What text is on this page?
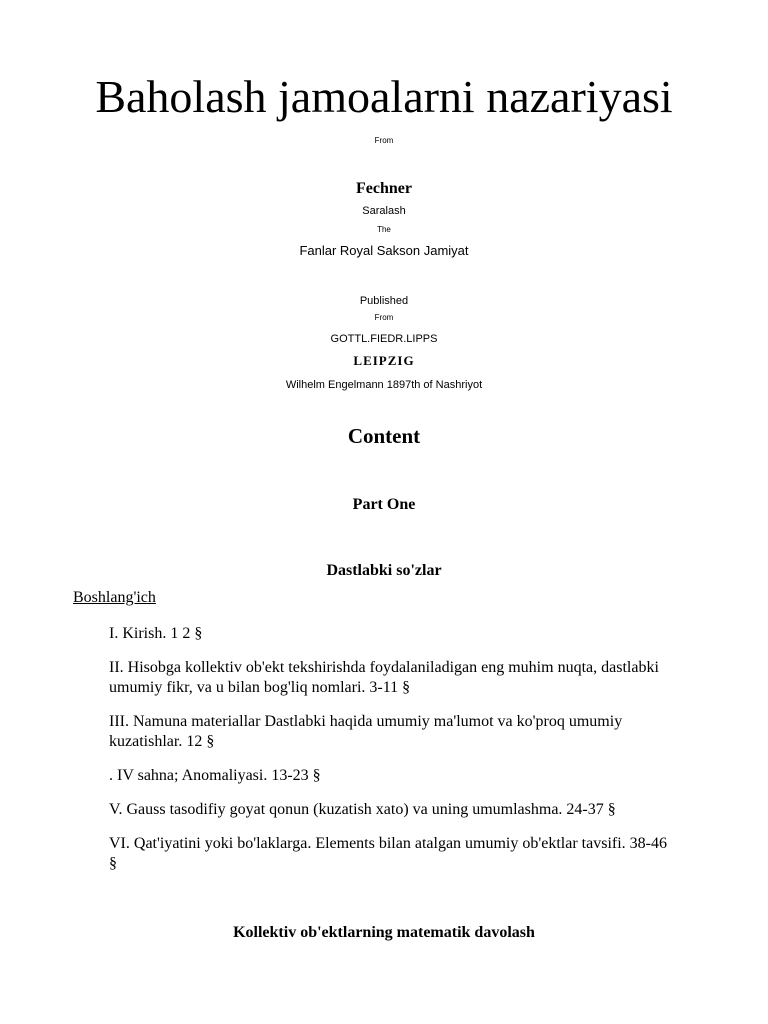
Baholash jamoalarni nazariyasi
From
Fechner
Saralash
The
Fanlar Royal Sakson Jamiyat
Published
From
GOTTL.FIEDR.LIPPS
LEIPZIG
Wilhelm Engelmann 1897th of Nashriyot
Content
Part One
Dastlabki so'zlar
Boshlang'ich
I. Kirish. 1 2 §
II. Hisobga kollektiv ob'ekt tekshirishda foydalaniladigan eng muhim nuqta, dastlabki umumiy fikr, va u bilan bog'liq nomlari. 3-11 §
III. Namuna materiallar Dastlabki haqida umumiy ma'lumot va ko'proq umumiy kuzatishlar. 12 §
. IV sahna; Anomaliyasi. 13-23 §
V. Gauss tasodifiy goyat qonun (kuzatish xato) va uning umumlashma. 24-37 §
VI. Qat'iyatini yoki bo'laklarga. Elements bilan atalgan umumiy ob'ektlar tavsifi. 38-46 §
Kollektiv ob'ektlarning matematik davolash
